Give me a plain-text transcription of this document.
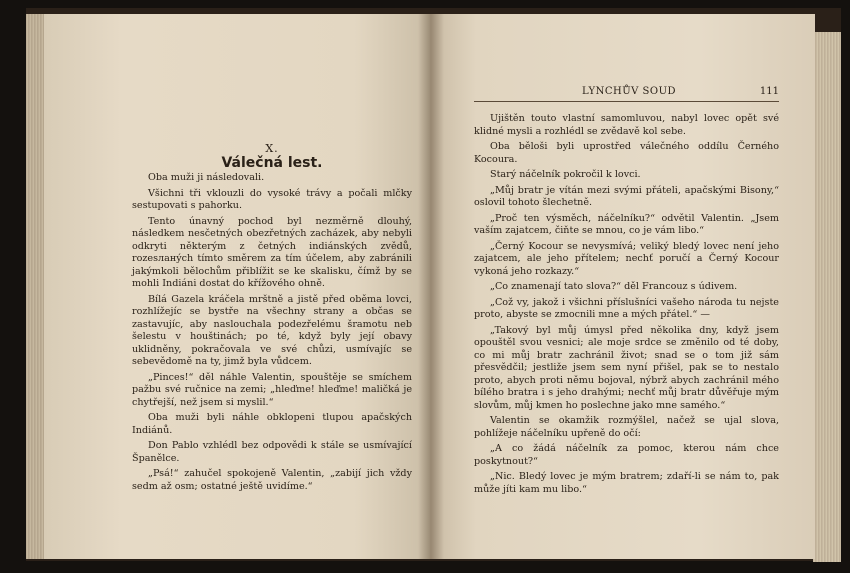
X.
Válečná lest.

Oba muži ji následovali.

Všichni tři vklouzli do vysoké trávy a počali mlčky sestupovati s pahorku.

Tento únavný pochod byl nezměrně dlouhý, následkem nesčetných obezřetných zacházek, aby nebyli odkryti některým z četných indiánských zvědů, rozesланých tímto směrem za tím účelem, aby zabránili jakýmkoli bělochům přiblížit se ke skalisku, čímž by se mohli Indiáni dostat do křížového ohně.

Bílá Gazela kráčela mrštně a jistě před oběma lovci, rozhlížejíc se bystře na všechny strany a občas se zastavujíc, aby naslouchala podezřelému šramotu neb šelestu v houštinách; po té, když byly její obavy uklidněny, pokračovala ve své chůzi, usmívajíc se sebevědomě na ty, jimž byla vůdcem.

„Pinces!“ děl náhle Valentin, spouštěje se smíchem pažbu své ručnice na zemi; „hleďme! hleďme! maličká je chytřejší, než jsem si myslil.“

Oba muži byli náhle obklopeni tlupou apačských Indiánů.

Don Pablo vzhlédl bez odpovědi k stále se usmívající Španělce.

„Psá!“ zahučel spokojeně Valentin, „zabijí jich vždy sedm až osm; ostatné ještě uvidíme.“

LYNCHŮV SOUD	111

Ujištěn touto vlastní samomluvou, nabyl lovec opět své klidné mysli a rozhlédl se zvědavě kol sebe.

Oba běloši byli uprostřed válečného oddílu Černého Kocoura.

Starý náčelník pokročil k lovci.

„Můj bratr je vítán mezi svými přáteli, apačskými Bisony,“ oslovil tohoto šlechetně.

„Proč ten výsměch, náčelníku?“ odvětil Valentin. „Jsem vaším zajatcem, čiňte se mnou, co je vám libo.“

„Černý Kocour se nevysmívá; veliký bledý lovec není jeho zajatcem, ale jeho přítelem; nechť poručí a Černý Kocour vykoná jeho rozkazy.“

„Co znamenají tato slova?“ děl Francouz s údivem.

„Což vy, jakož i všichni příslušníci vašeho národa tu nejste proto, abyste se zmocnili mne a mých přátel.“ —

„Takový byl můj úmysl před několika dny, když jsem opouštěl svou vesnici; ale moje srdce se změnilo od té doby, co mi můj bratr zachránil život; snad se o tom již sám přesvědčil; jestliže jsem sem nyní přišel, pak se to nestalo proto, abych proti němu bojoval, nýbrž abych zachránil mého bílého bratra i s jeho drahými; nechť můj bratr důvěřuje mým slovům, můj kmen ho poslechne jako mne samého.“

Valentin se okamžik rozmýšlel, načež se ujal slova, pohlížeje náčelníku upřeně do očí:

„A co žádá náčelník za pomoc, kterou nám chce poskytnout?“

„Nic. Bledý lovec je mým bratrem; zdaří-li se nám to, pak může jíti kam mu libo.“
